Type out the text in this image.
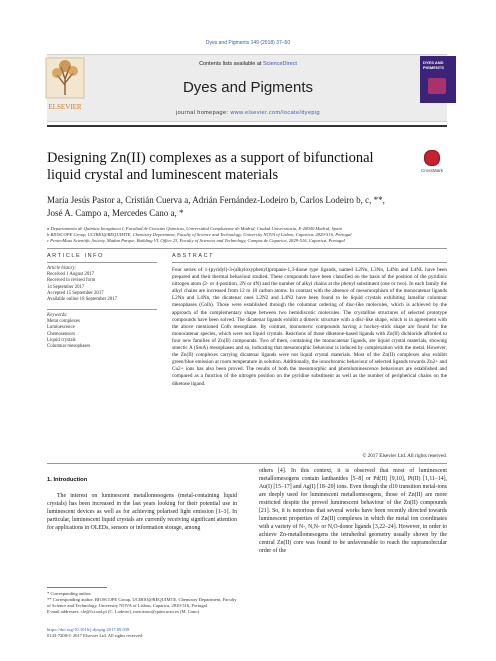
Dyes and Pigments 149 (2018) 37–50
ELSEVIER
Contents lists available at ScienceDirect
Dyes and Pigments
journal homepage: www.elsevier.com/locate/dyepig
DYES AND PIGMENTS
Designing Zn(II) complexes as a support of bifunctional liquid crystal and luminescent materials	CrossMark
María Jesús Pastor a, Cristián Cuerva a, Adrián Fernández-Lodeiro b, Carlos Lodeiro b, c, **,
José A. Campo a, Mercedes Cano a, *
a Departamento de Química Inorgánica I, Facultad de Ciencias Químicas, Universidad Complutense de Madrid, Ciudad Universitaria, E-28040 Madrid, Spain
b BIOSCOPE Group, UCIBIO@REQUIMTE, Chemistry Department, Faculty of Science and Technology, University NOVA of Lisbon, Caparica, 2829-516, Portugal
c ProteoMass Scientific Society, Madan Parque, Building VI, Office 23, Faculty of Sciences and Technology, Campus de Caparica, 2829-516, Caparica, Portugal
ARTICLE INFO	ABSTRACT
Article history:
Received 1 August 2017
Received in revised form
14 September 2017
Accepted 15 September 2017
Available online 18 September 2017
Keywords:
Metal complexes
Luminescence
Chemosensors
Liquid crystals
Columnar mesophases
Four series of 1-(pyridyl)-3-(alkyloxyphenyl)propane-1,3-dione type ligands, named L2Nn, L3Nn, L4Nn and L4NL have been prepared and their thermal behaviour studied. These compounds have been classified on the basis of the position of the pyridinic nitrogen atom (2- or 4-position, 2N or 4N) and the number of alkyl chains at the phenyl substituent (one or two). In each family the alkyl chains are increased from 12 to 18 carbon atoms. In contrast with the absence of mesomorphism of the monocatenar ligands L2Nn and L4Nn, the dicatenar ones L2N2 and L4N2 have been found to be liquid crystals exhibiting lamellar columnar mesophases (Colh). Those were established through the columnar ordering of disc-like molecules, which is achieved by the approach of the complementary shape between two hemidiscotic molecules. The crystalline structures of selected prototype compounds have been solved. The dicatenar ligands exhibit a dimeric structure with a disc-like shape, which is in agreement with the above mentioned Colh mesophase. By contrast, monomeric compounds having a hockey-stick shape are found for the monocatenar species, which were not liquid crystals. Reactions of those diketone-based ligands with Zn(II) dichloride afforded to four new families of Zn(II) compounds. Two of them, containing the monocatenar ligands, are liquid crystal materials, showing smectic A (SmA) mesophases and so, indicating that mesomorphic behaviour is induced by complexation with the metal. However, the Zn(II) complexes carrying dicatenar ligands were not liquid crystal materials. Most of the Zn(II) complexes also exhibit green/blue emission at room temperature in solution. Additionally, the ionochromic behaviour of selected ligands towards Zn2+ and Cu2+ ions has also been proved. The results of both the mesomorphic and photoluminescence behaviours are established and compared as a function of the nitrogen position on the pyridine substituent as well as the number of peripherical chains on the diketone ligand.
© 2017 Elsevier Ltd. All rights reserved.
1. Introduction
The interest on luminescent metallomesogens (metal-containing liquid crystals) has been increased in the last years looking for their potential use in luminescent devices as well as for achieving polarised light emission [1–3]. In particular, luminescent liquid crystals are currently receiving significant attention for applications in OLEDs, sensors or information storage, among
others [4]. In this context, it is observed that most of luminescent metallomesogens contain lanthanides [5–8] or Pd(II) [9,10], Pt(II) [1,11–14], Au(I) [15–17] and Ag(I) [18–20] ions. Even though the d10 transition metal-ions are deeply used for luminescent metallomesogens, those of Zn(II) are more restricted despite the proved luminescent behaviour of the Zn(II) compounds [21]. So, it is notorious that several works have been recently directed towards luminescent properties of Zn(II) complexes in which the metal ion coordinates with a variety of N-, N,N- or N,O-donor ligands [3,22–24]. However, in order to achieve Zn-metallomesogens the tetrahedral geometry usually shown by the central Zn(II) core was found to be unfavourable to reach the supramolecular order of the
* Corresponding author.
** Corresponding author. BIOSCOPE Group, UCIBIO@REQUIMTE, Chemistry Department, Faculty of Science and Technology, University NOVA of Lisbon, Caparica, 2829-516, Portugal.
E-mail addresses: cle@fct.unl.pt (C. Lodeiro), mercanoc@quim.ucm.es (M. Cano).
https://doi.org/10.1016/j.dyepig.2017.09.039
0143-7208/© 2017 Elsevier Ltd. All rights reserved.
